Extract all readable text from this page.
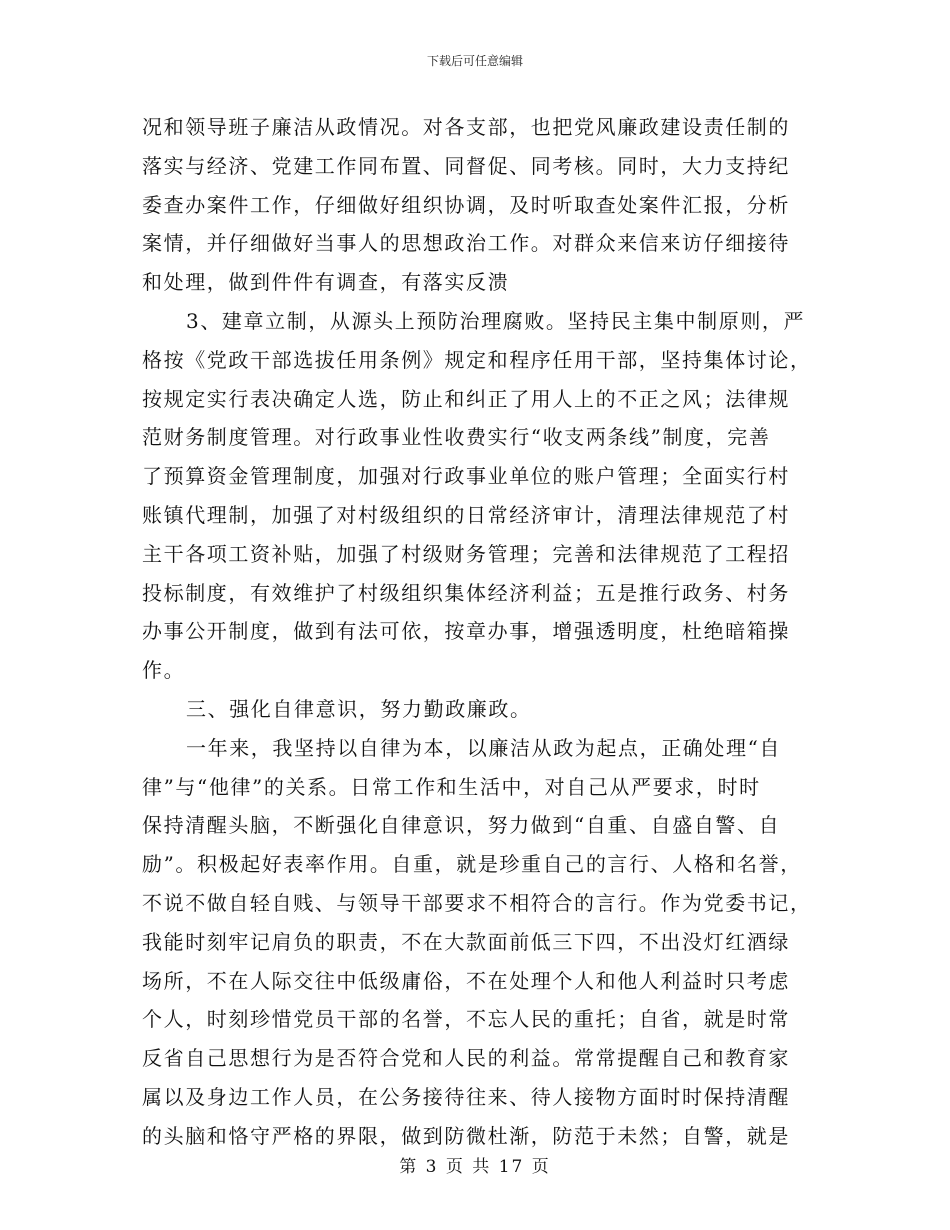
下载后可任意编辑
况和领导班子廉洁从政情况。对各支部，也把党风廉政建设责任制的
落实与经济、党建工作同布置、同督促、同考核。同时，大力支持纪
委查办案件工作，仔细做好组织协调，及时听取查处案件汇报，分析
案情，并仔细做好当事人的思想政治工作。对群众来信来访仔细接待
和处理，做到件件有调查，有落实反溃
3、建章立制，从源头上预防治理腐败。坚持民主集中制原则，严
格按《党政干部选拔任用条例》规定和程序任用干部，坚持集体讨论，
按规定实行表决确定人选，防止和纠正了用人上的不正之风；法律规
范财务制度管理。对行政事业性收费实行“收支两条线”制度，完善
了预算资金管理制度，加强对行政事业单位的账户管理；全面实行村
账镇代理制，加强了对村级组织的日常经济审计，清理法律规范了村
主干各项工资补贴，加强了村级财务管理；完善和法律规范了工程招
投标制度，有效维护了村级组织集体经济利益；五是推行政务、村务
办事公开制度，做到有法可依，按章办事，增强透明度，杜绝暗箱操
作。
三、强化自律意识，努力勤政廉政。
一年来，我坚持以自律为本，以廉洁从政为起点，正确处理“自
律”与“他律”的关系。日常工作和生活中，对自己从严要求，时时
保持清醒头脑，不断强化自律意识，努力做到“自重、自盛自警、自
励”。积极起好表率作用。自重，就是珍重自己的言行、人格和名誉，
不说不做自轻自贱、与领导干部要求不相符合的言行。作为党委书记，
我能时刻牢记肩负的职责，不在大款面前低三下四，不出没灯红酒绿
场所，不在人际交往中低级庸俗，不在处理个人和他人利益时只考虑
个人，时刻珍惜党员干部的名誉，不忘人民的重托；自省，就是时常
反省自己思想行为是否符合党和人民的利益。常常提醒自己和教育家
属以及身边工作人员，在公务接待往来、待人接物方面时时保持清醒
的头脑和恪守严格的界限，做到防微杜渐，防范于未然；自警，就是
第 3 页 共 17 页
